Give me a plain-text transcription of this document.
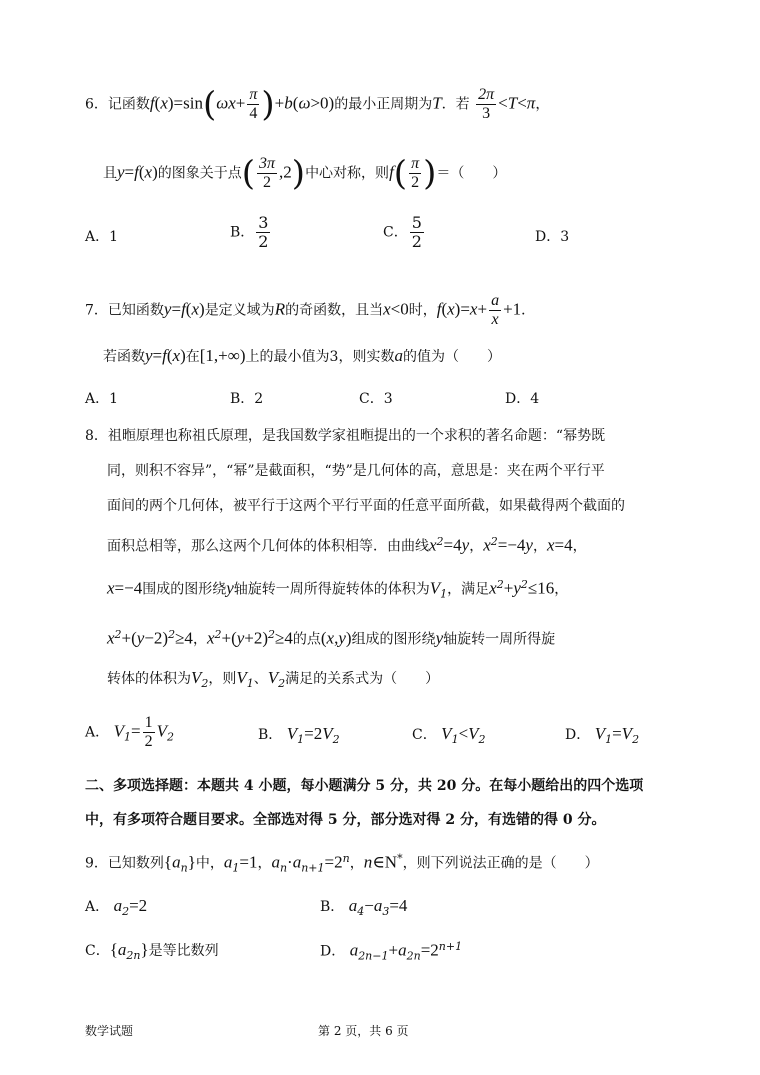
6．记函数$f(x)=\sin(\omega x+ \frac{\pi}{4} )+b(\omega>0)$的最小正周期为T．若 $\frac{2\pi}{3} <T<\pi$，
且y=f(x)的图象关于点( $\frac{3\pi}{2} ,2$)中心对称，则$f( \frac{\pi}{2}$ )＝（　　）
A．1	B． $\frac{3}{2}$	C． $\frac{5}{2}$	D．3
7．已知函数y=f(x)是定义域为R的奇函数，且当x<0时，$f(x)=x+ \frac{a}{x} +1$．
若函数y=f(x)在[1,+∞)上的最小值为3，则实数a的值为（　　）
A．1	B．2	C．3	D．4
8．祖暅原理也称祖氏原理，是我国数学家祖暅提出的一个求积的著名命题：“幂势既
同，则积不容异”，“幂”是截面积，“势”是几何体的高，意思是：夹在两个平行平
面间的两个几何体，被平行于这两个平行平面的任意平面所截，如果截得两个截面的
面积总相等，那么这两个几何体的体积相等．由曲线$x^2=4y$，$x^2=-4y$，x=4，
x=−4围成的图形绕y轴旋转一周所得旋转体的体积为$V_1$，满足$x^2+y^2\le 16$，
$x^2+(y-2)^2\ge 4$，$x^2+(y+2)^2\ge 4$的点(x,y)组成的图形绕y轴旋转一周所得旋
转体的体积为$V_2$，则$V_1$、$V_2$满足的关系式为（　　）
A． $V_1= \frac{1}{2} V_2$	B． $V_1=2V_2$	C． $V_1<V_2$	D． $V_1=V_2$
二、多项选择题：本题共 4 小题，每小题满分 5 分，共 20 分。在每小题给出的四个选项
中，有多项符合题目要求。全部选对得 5 分，部分选对得 2 分，有选错的得 0 分。
9．已知数列$\{a_n\}$中，$a_1=1$，$a_n\cdot a_{n+1}=2^n$，n∈N*，则下列说法正确的是（　　）
A． $a_2=2$	B． $a_4-a_3=4$
C．$\{a_{2n}\}$是等比数列	D． $a_{2n-1}+a_{2n}=2^{n+1}$
数学试题	第 2 页，共 6 页
